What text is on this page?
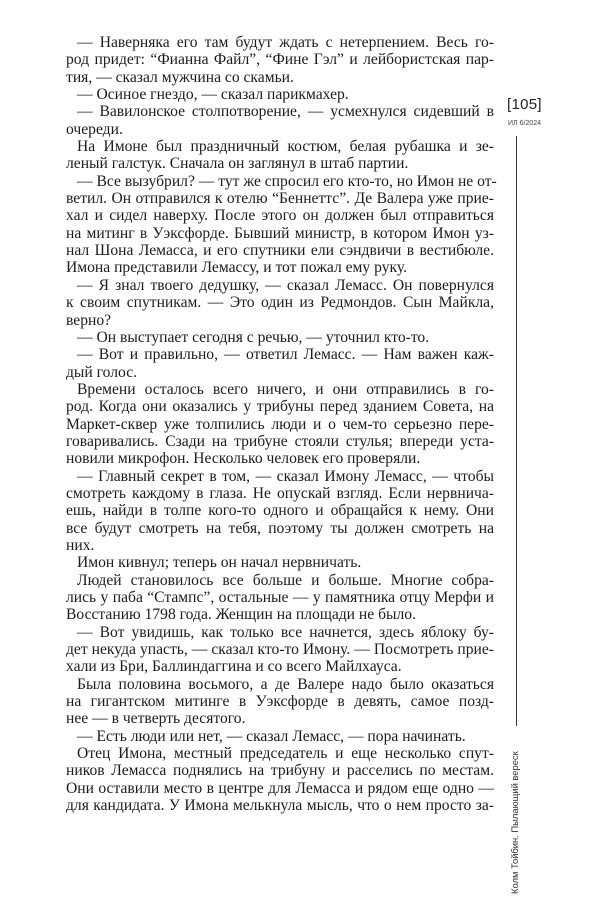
— Наверняка его там будут ждать с нетерпением. Весь го-
род придет: “Фианна Файл”, “Фине Гэл” и лейбористская пар-
тия, — сказал мужчина со скамьи.
— Осиное гнездо, — сказал парикмахер.
— Вавилонское столпотворение, — усмехнулся сидевший в
очереди.
На Имоне был праздничный костюм, белая рубашка и зе-
леный галстук. Сначала он заглянул в штаб партии.
— Все вызубрил? — тут же спросил его кто-то, но Имон не от-
ветил. Он отправился к отелю “Беннеттс”. Де Валера уже прие-
хал и сидел наверху. После этого он должен был отправиться
на митинг в Уэксфорде. Бывший министр, в котором Имон уз-
нал Шона Лемасса, и его спутники ели сэндвичи в вестибюле.
Имона представили Лемассу, и тот пожал ему руку.
— Я знал твоего дедушку, — сказал Лемасс. Он повернулся
к своим спутникам. — Это один из Редмондов. Сын Майкла,
верно?
— Он выступает сегодня с речью, — уточнил кто-то.
— Вот и правильно, — ответил Лемасс. — Нам важен каж-
дый голос.
Времени осталось всего ничего, и они отправились в го-
род. Когда они оказались у трибуны перед зданием Совета, на
Маркет-сквер уже толпились люди и о чем-то серьезно пере-
говаривались. Сзади на трибуне стояли стулья; впереди уста-
новили микрофон. Несколько человек его проверяли.
— Главный секрет в том, — сказал Имону Лемасс, — чтобы
смотреть каждому в глаза. Не опускай взгляд. Если нервнича-
ешь, найди в толпе кого-то одного и обращайся к нему. Они
все будут смотреть на тебя, поэтому ты должен смотреть на
них.
Имон кивнул; теперь он начал нервничать.
Людей становилось все больше и больше. Многие собра-
лись у паба “Стампс”, остальные — у памятника отцу Мерфи и
Восстанию 1798 года. Женщин на площади не было.
— Вот увидишь, как только все начнется, здесь яблоку бу-
дет некуда упасть, — сказал кто-то Имону. — Посмотреть прие-
хали из Бри, Баллиндаггина и со всего Майлхауса.
Была половина восьмого, а де Валере надо было оказаться
на гигантском митинге в Уэксфорде в девять, самое позд-
нее — в четверть десятого.
— Есть люди или нет, — сказал Лемасс, — пора начинать.
Отец Имона, местный председатель и еще несколько спут-
ников Лемасса поднялись на трибуну и расселись по местам.
Они оставили место в центре для Лемасса и рядом еще одно —
для кандидата. У Имона мелькнула мысль, что о нем просто за-
[105]
ИЛ 6/2024
Колм Тойбин. Пылающий вереск
